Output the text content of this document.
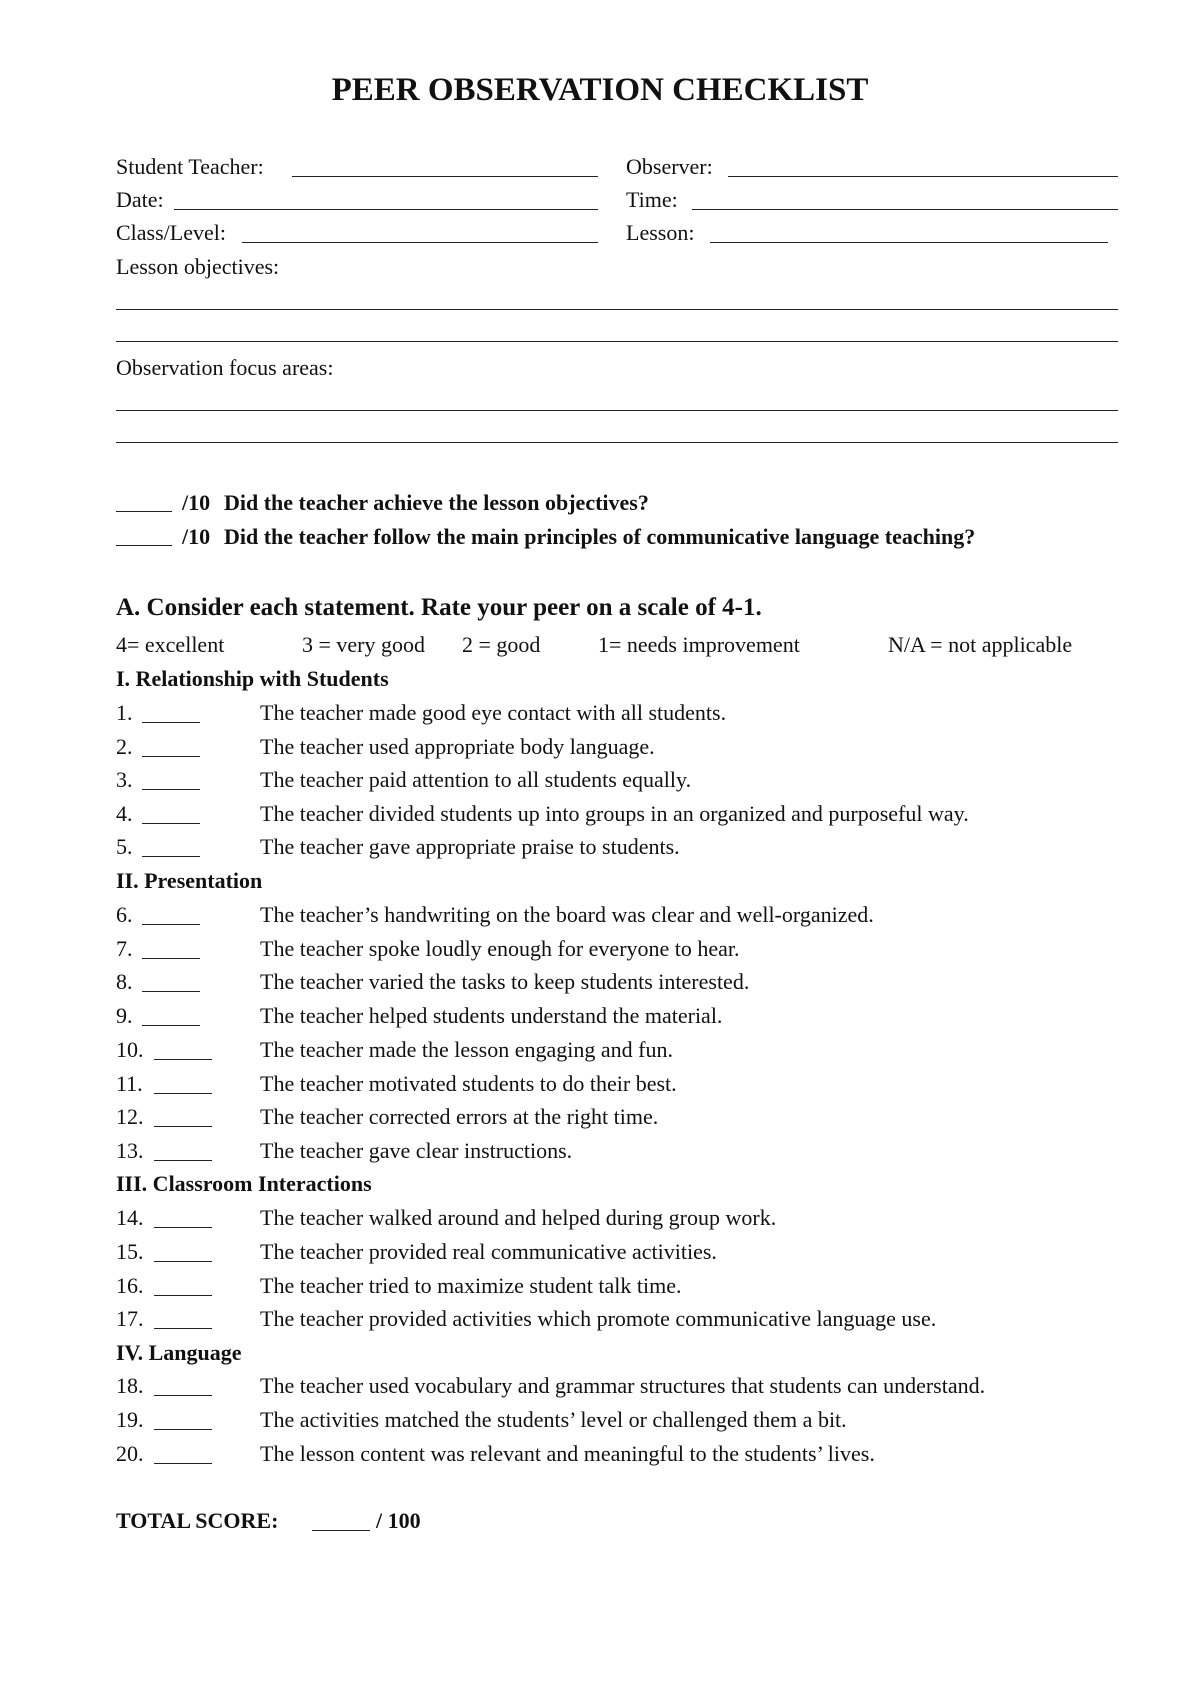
PEER OBSERVATION CHECKLIST
Student Teacher:	Observer:
Date:	Time:
Class/Level:	Lesson:
Lesson objectives:
Observation focus areas:
/10 Did the teacher achieve the lesson objectives?
/10 Did the teacher follow the main principles of communicative language teaching?
A. Consider each statement. Rate your peer on a scale of 4-1.
4= excellent	3 = very good 2 = good	1= needs improvement	N/A = not applicable
I. Relationship with Students
1.	The teacher made good eye contact with all students.
2.	The teacher used appropriate body language.
3.	The teacher paid attention to all students equally.
4.	The teacher divided students up into groups in an organized and purposeful way.
5.	The teacher gave appropriate praise to students.
II. Presentation
6.	The teacher’s handwriting on the board was clear and well-organized.
7.	The teacher spoke loudly enough for everyone to hear.
8.	The teacher varied the tasks to keep students interested.
9.	The teacher helped students understand the material.
10.	The teacher made the lesson engaging and fun.
11.	The teacher motivated students to do their best.
12.	The teacher corrected errors at the right time.
13.	The teacher gave clear instructions.
III. Classroom Interactions
14.	The teacher walked around and helped during group work.
15.	The teacher provided real communicative activities.
16.	The teacher tried to maximize student talk time.
17.	The teacher provided activities which promote communicative language use.
IV. Language
18.	The teacher used vocabulary and grammar structures that students can understand.
19.	The activities matched the students’ level or challenged them a bit.
20.	The lesson content was relevant and meaningful to the students’ lives.
TOTAL SCORE:	/ 100
